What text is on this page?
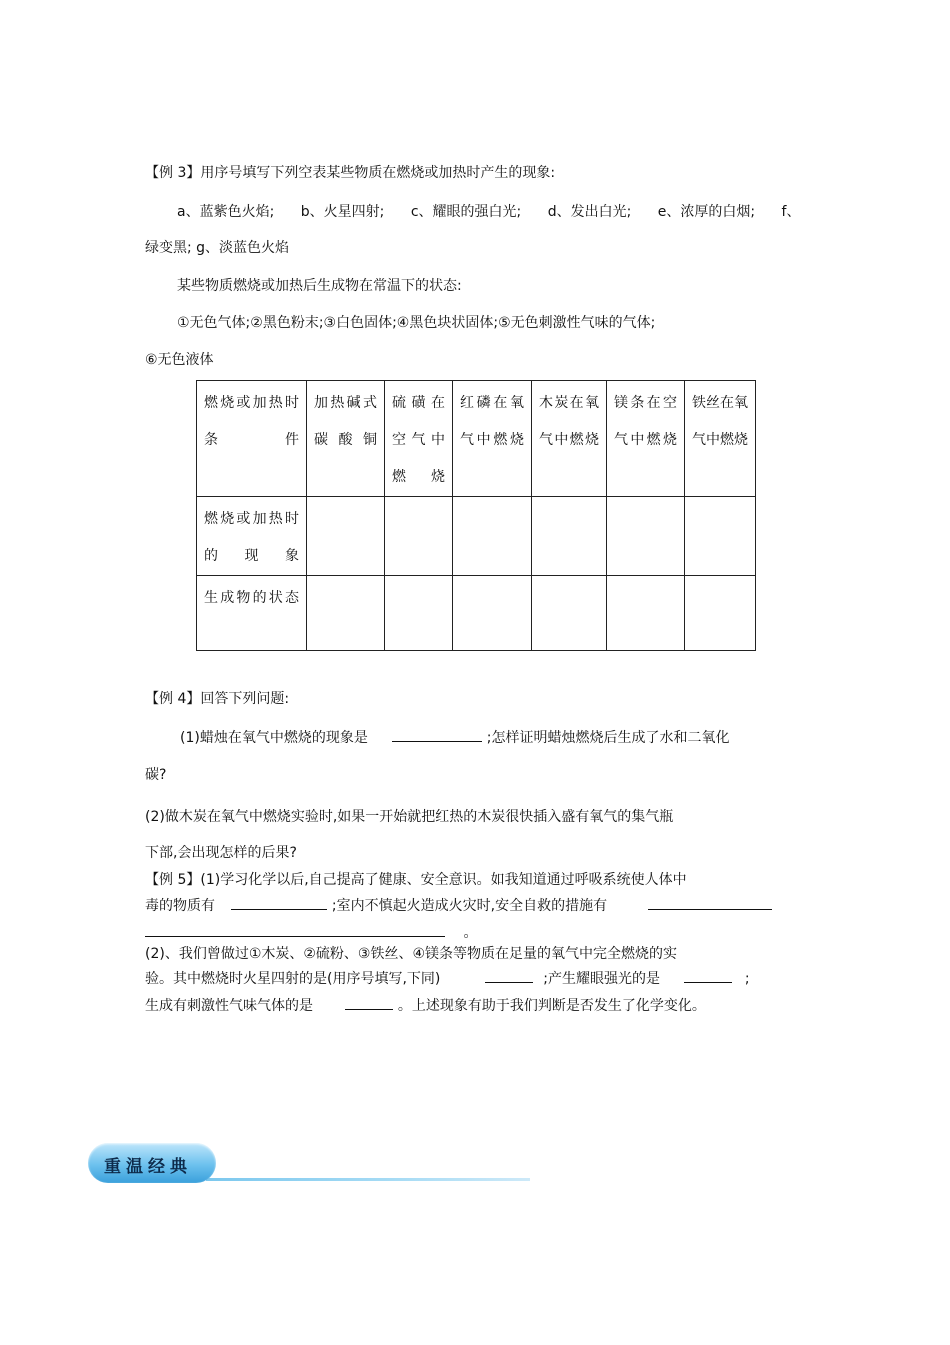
【例 3】用序号填写下列空表某些物质在燃烧或加热时产生的现象:
a、蓝紫色火焰; b、火星四射; c、耀眼的强白光; d、发出白光; e、浓厚的白烟; f、
绿变黑; g、淡蓝色火焰
某些物质燃烧或加热后生成物在常温下的状态:
①无色气体;②黑色粉末;③白色固体;④黑色块状固体;⑤无色刺激性气味的气体;
⑥无色液体
燃烧或加热时条件	加热碱式碳酸铜	硫磺在空气中燃烧	红磷在氧气中燃烧	木炭在氧气中燃烧	镁条在空气中燃烧	铁丝在氧气中燃烧
燃烧或加热时的现象						
生成物的状态						
【例 4】回答下列问题:
(1)蜡烛在氧气中燃烧的现象是	;怎样证明蜡烛燃烧后生成了水和二氧化
碳?
(2)做木炭在氧气中燃烧实验时,如果一开始就把红热的木炭很快插入盛有氧气的集气瓶
下部,会出现怎样的后果?
【例 5】(1)学习化学以后,自己提高了健康、安全意识。如我知道通过呼吸系统使人体中
毒的物质有	;室内不慎起火造成火灾时,安全自救的措施有
。
(2)、我们曾做过①木炭、②硫粉、③铁丝、④镁条等物质在足量的氧气中完全燃烧的实
验。其中燃烧时火星四射的是(用序号填写,下同)	;产生耀眼强光的是	;
生成有刺激性气味气体的是	。上述现象有助于我们判断是否发生了化学变化。
重温经典
